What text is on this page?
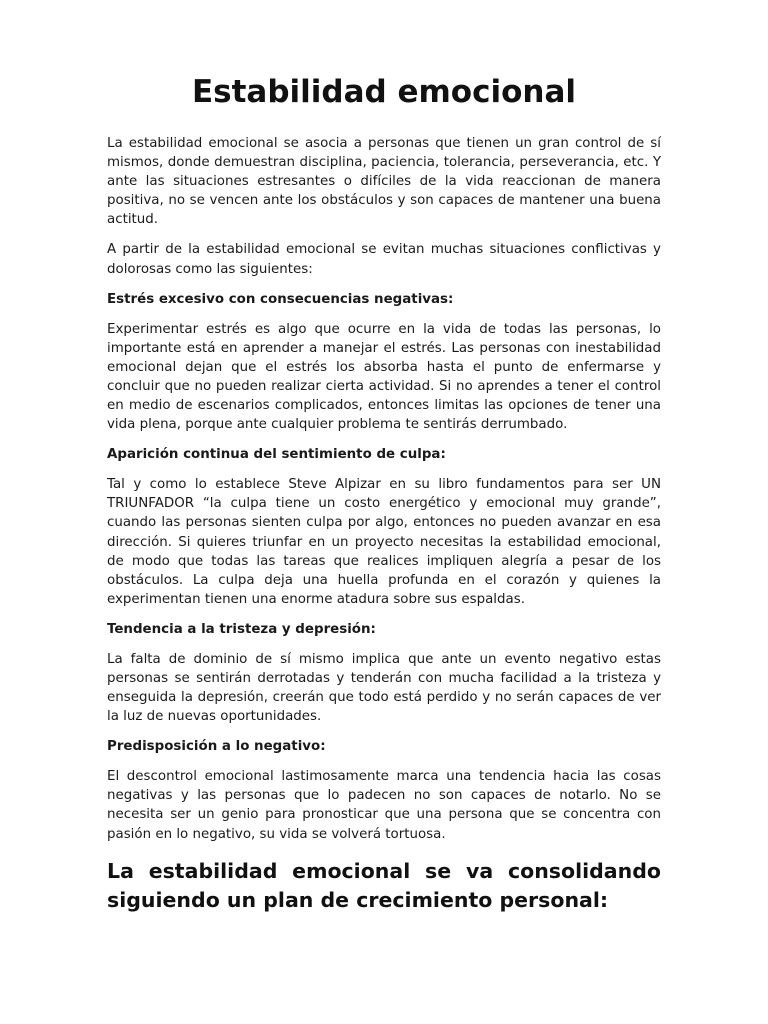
Estabilidad emocional

La estabilidad emocional se asocia a personas que tienen un gran control de sí mismos, donde demuestran disciplina, paciencia, tolerancia, perseverancia, etc. Y ante las situaciones estresantes o difíciles de la vida reaccionan de manera positiva, no se vencen ante los obstáculos y son capaces de mantener una buena actitud.

A partir de la estabilidad emocional se evitan muchas situaciones conflictivas y dolorosas como las siguientes:

Estrés excesivo con consecuencias negativas:

Experimentar estrés es algo que ocurre en la vida de todas las personas, lo importante está en aprender a manejar el estrés. Las personas con inestabilidad emocional dejan que el estrés los absorba hasta el punto de enfermarse y concluir que no pueden realizar cierta actividad. Si no aprendes a tener el control en medio de escenarios complicados, entonces limitas las opciones de tener una vida plena, porque ante cualquier problema te sentirás derrumbado.

Aparición continua del sentimiento de culpa:

Tal y como lo establece Steve Alpizar en su libro fundamentos para ser UN TRIUNFADOR “la culpa tiene un costo energético y emocional muy grande”, cuando las personas sienten culpa por algo, entonces no pueden avanzar en esa dirección. Si quieres triunfar en un proyecto necesitas la estabilidad emocional, de modo que todas las tareas que realices impliquen alegría a pesar de los obstáculos. La culpa deja una huella profunda en el corazón y quienes la experimentan tienen una enorme atadura sobre sus espaldas.

Tendencia a la tristeza y depresión:

La falta de dominio de sí mismo implica que ante un evento negativo estas personas se sentirán derrotadas y tenderán con mucha facilidad a la tristeza y enseguida la depresión, creerán que todo está perdido y no serán capaces de ver la luz de nuevas oportunidades.

Predisposición a lo negativo:

El descontrol emocional lastimosamente marca una tendencia hacia las cosas negativas y las personas que lo padecen no son capaces de notarlo. No se necesita ser un genio para pronosticar que una persona que se concentra con pasión en lo negativo, su vida se volverá tortuosa.

La estabilidad emocional se va consolidando siguiendo un plan de crecimiento personal:
